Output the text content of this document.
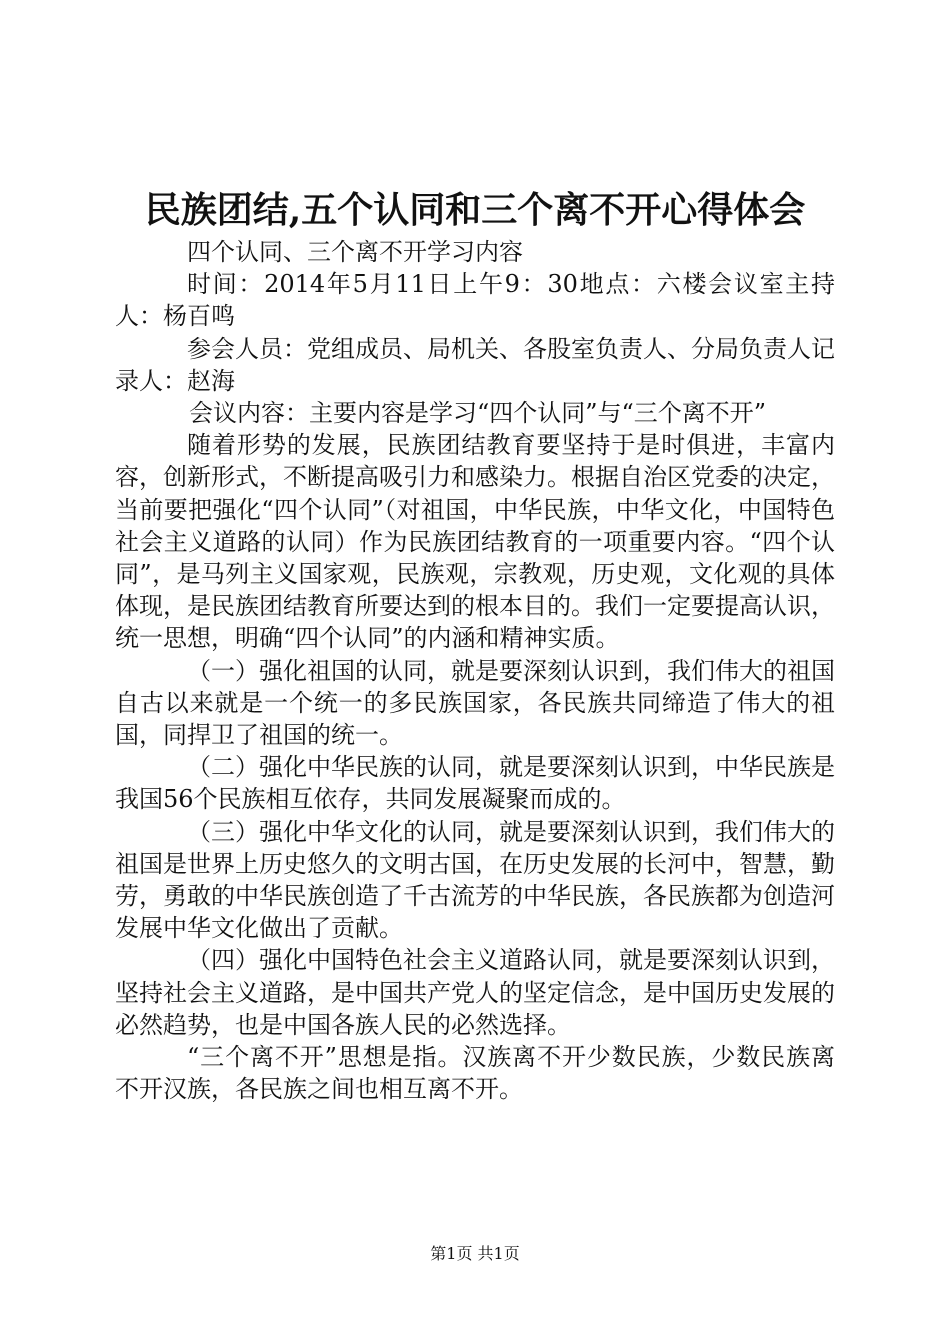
民族团结,五个认同和三个离不开心得体会

四个认同、三个离不开学习内容

时间：2014年5月11日上午9：30地点：六楼会议室主持人：杨百鸣

参会人员：党组成员、局机关、各股室负责人、分局负责人记录人：赵海

会议内容：主要内容是学习“四个认同”与“三个离不开”

随着形势的发展，民族团结教育要坚持于是时俱进，丰富内容，创新形式，不断提高吸引力和感染力。根据自治区党委的决定，当前要把强化“四个认同”（对祖国，中华民族，中华文化，中国特色社会主义道路的认同）作为民族团结教育的一项重要内容。“四个认同”，是马列主义国家观，民族观，宗教观，历史观，文化观的具体体现，是民族团结教育所要达到的根本目的。我们一定要提高认识，统一思想，明确“四个认同”的内涵和精神实质。

（一）强化祖国的认同，就是要深刻认识到，我们伟大的祖国自古以来就是一个统一的多民族国家，各民族共同缔造了伟大的祖国，同捍卫了祖国的统一。

（二）强化中华民族的认同，就是要深刻认识到，中华民族是我国56个民族相互依存，共同发展凝聚而成的。

（三）强化中华文化的认同，就是要深刻认识到，我们伟大的祖国是世界上历史悠久的文明古国，在历史发展的长河中，智慧，勤劳，勇敢的中华民族创造了千古流芳的中华民族，各民族都为创造河发展中华文化做出了贡献。

（四）强化中国特色社会主义道路认同，就是要深刻认识到，坚持社会主义道路，是中国共产党人的坚定信念，是中国历史发展的必然趋势，也是中国各族人民的必然选择。

“三个离不开”思想是指。汉族离不开少数民族，少数民族离不开汉族，各民族之间也相互离不开。

第1页 共1页
